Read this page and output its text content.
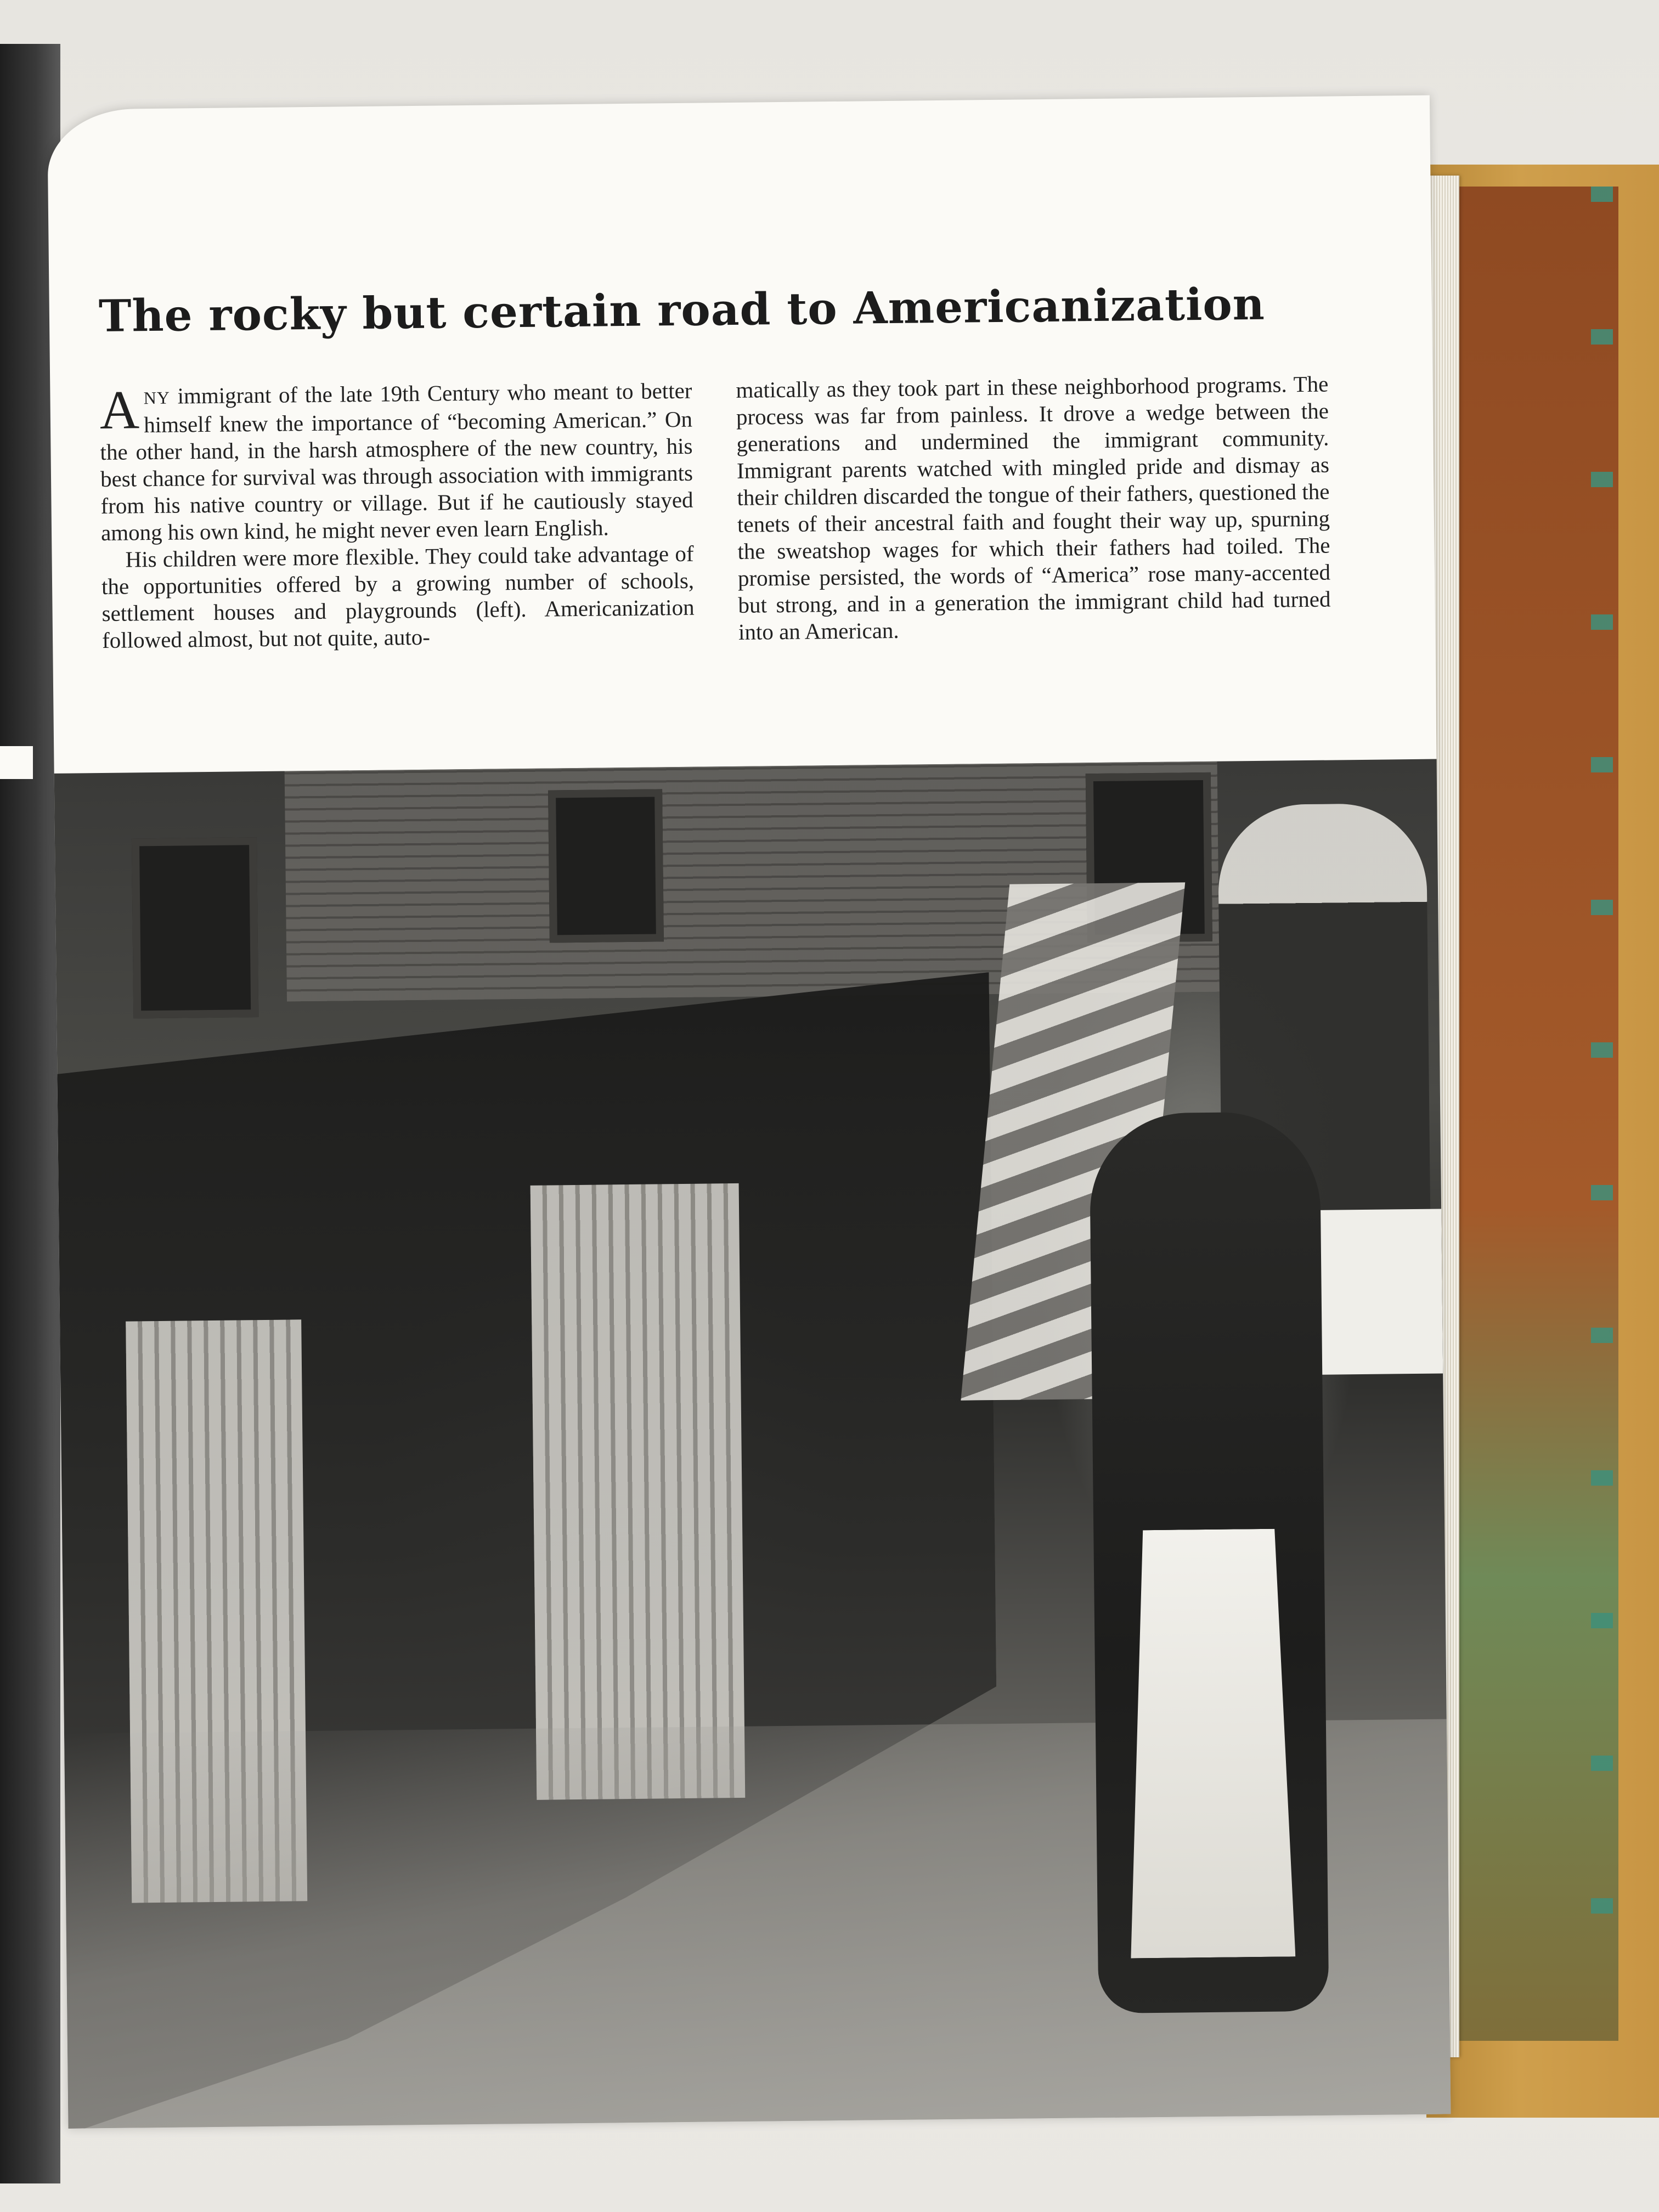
The rocky but certain road to Americanization

ANY immigrant of the late 19th Century who meant to better himself knew the importance of “becoming American.” On the other hand, in the harsh atmosphere of the new country, his best chance for survival was through association with immigrants from his native country or village. But if he cautiously stayed among his own kind, he might never even learn English.

His children were more flexible. They could take advantage of the opportunities offered by a growing number of schools, settlement houses and playgrounds (left). Americanization followed almost, but not quite, auto-

matically as they took part in these neighborhood programs. The process was far from painless. It drove a wedge between the generations and undermined the immigrant community. Immigrant parents watched with mingled pride and dismay as their children discarded the tongue of their fathers, questioned the tenets of their ancestral faith and fought their way up, spurning the sweatshop wages for which their fathers had toiled. The promise persisted, the words of “America” rose many-accented but strong, and in a generation the immigrant child had turned into an American.
